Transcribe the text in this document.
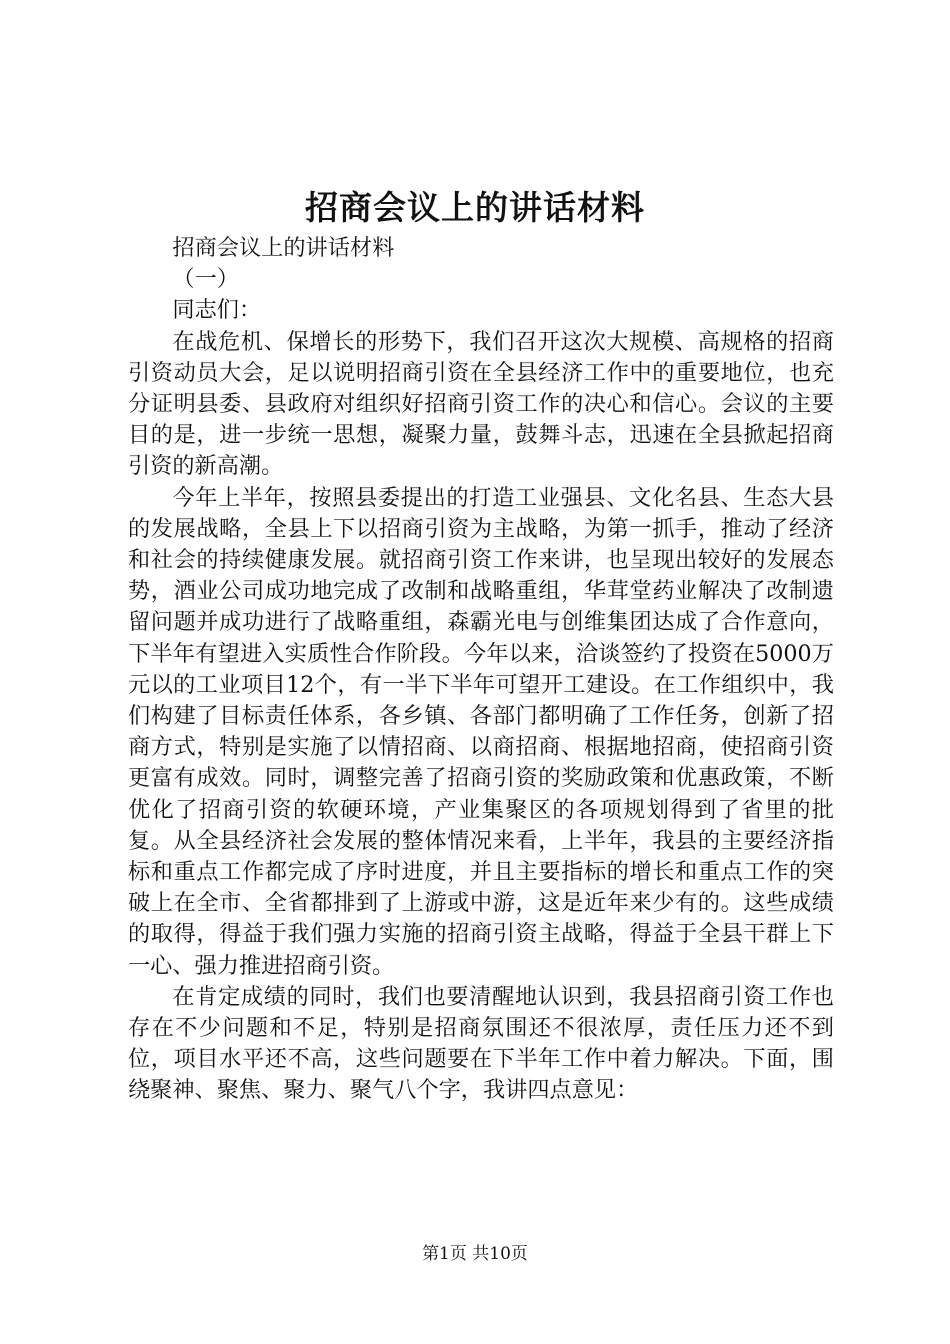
招商会议上的讲话材料

招商会议上的讲话材料

（一）

同志们：

在战危机、保增长的形势下，我们召开这次大规模、高规格的招商引资动员大会，足以说明招商引资在全县经济工作中的重要地位，也充分证明县委、县政府对组织好招商引资工作的决心和信心。会议的主要目的是，进一步统一思想，凝聚力量，鼓舞斗志，迅速在全县掀起招商引资的新高潮。

今年上半年，按照县委提出的打造工业强县、文化名县、生态大县的发展战略，全县上下以招商引资为主战略，为第一抓手，推动了经济和社会的持续健康发展。就招商引资工作来讲，也呈现出较好的发展态势，酒业公司成功地完成了改制和战略重组，华茸堂药业解决了改制遗留问题并成功进行了战略重组，森霸光电与创维集团达成了合作意向，下半年有望进入实质性合作阶段。今年以来，洽谈签约了投资在5000万元以的工业项目12个，有一半下半年可望开工建设。在工作组织中，我们构建了目标责任体系，各乡镇、各部门都明确了工作任务，创新了招商方式，特别是实施了以情招商、以商招商、根据地招商，使招商引资更富有成效。同时，调整完善了招商引资的奖励政策和优惠政策，不断优化了招商引资的软硬环境，产业集聚区的各项规划得到了省里的批复。从全县经济社会发展的整体情况来看，上半年，我县的主要经济指标和重点工作都完成了序时进度，并且主要指标的增长和重点工作的突破上在全市、全省都排到了上游或中游，这是近年来少有的。这些成绩的取得，得益于我们强力实施的招商引资主战略，得益于全县干群上下一心、强力推进招商引资。

在肯定成绩的同时，我们也要清醒地认识到，我县招商引资工作也存在不少问题和不足，特别是招商氛围还不很浓厚，责任压力还不到位，项目水平还不高，这些问题要在下半年工作中着力解决。下面，围绕聚神、聚焦、聚力、聚气八个字，我讲四点意见：

第1页 共10页
